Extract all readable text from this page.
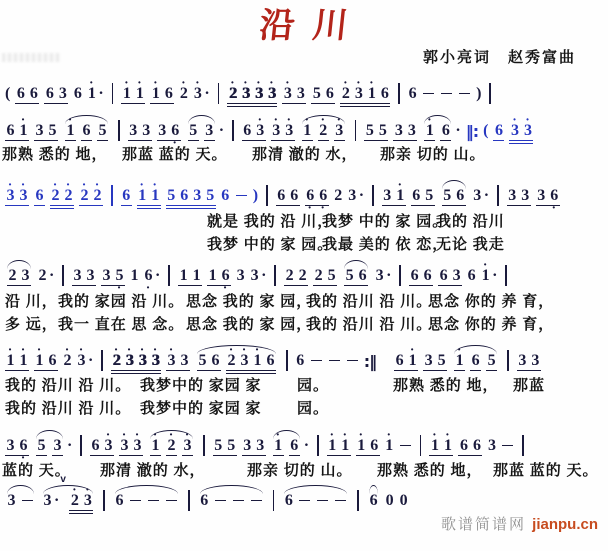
沿川
郭小亮词　赵秀富曲
( 6 6 6 3 6
•
1 ·
•
1
•
1
•
1 6
•
2
•
3 ·
•
2
•
3
•
3
•
3
•
3 3 5 6
•
2
•
3
•
1 6 6	)
6
•
1 3 5
•
1 6 5 3 3 3 6
•
5 3 · 6
•
3
•
3
•
3
•
1
•
2
•
3 5 5 3 3
•
1 6 · ‖: ( 6
•
3
•
3
那熟 悉的 地， 那蓝 蓝的 天。 那清 澈的 水， 那亲 切的 山。
•
3
•
3 6
•
2
•
2
•
2
•
2 6
•
1
•
1 5 6 3 5 6 ) 6 6 6
•
6
•
2 3 · 3
•
1 6 5 5 6 3 · 3 3 3 6
•
就是 我的 沿 川，
我梦 中的 家 园。
我的 沿川
我梦 中的 家 园。
我最 美的 依 恋，
无论 我走
2 3 2 · 3 3 3 5
•
1 6
•
· 1 1 1 6
•
3 3 · 2 2 2 5 5 6 3 · 6 6 6 3 6
•
1 ·
沿 川， 我的 家园 沿 川。 思念 我的 家 园，
我的 沿川 沿 川。
思念 你的 养 育，
多 远， 我一 直在 思 念。 思念 我的 家 园，
我的 沿川 沿 川。
思念 你的 养 育，
•
1
•
1
•
1 6
•
2
•
3 ·
•
2
•
3
•
3
•
3
•
3 3 5 6
•
2
•
3
•
1 6 6	:‖ 6
•
1 3 5
•
1 6 5 3 3
我的 沿川 沿 川。 我梦中的 家园 家 园。	那熟 悉的 地， 那蓝
我的 沿川 沿 川。 我梦中的 家园 家 园。
3 6
•
5 3 · 6
•
3
•
3
•
3
•
1
•
2
•
3 5 5 3 3
•
1 6 ·
•
1
•
1
•
1 6
•
1
•
1
•
1 6 6 3
蓝的 天。 那清 澈的 水，	那亲 切的 山。 那熟 悉的 地， 那蓝 蓝的 天。
3 3 ·
•
2
•
3 6	6	6	6 0 0

歌谱简谱网 jianpu.cn
